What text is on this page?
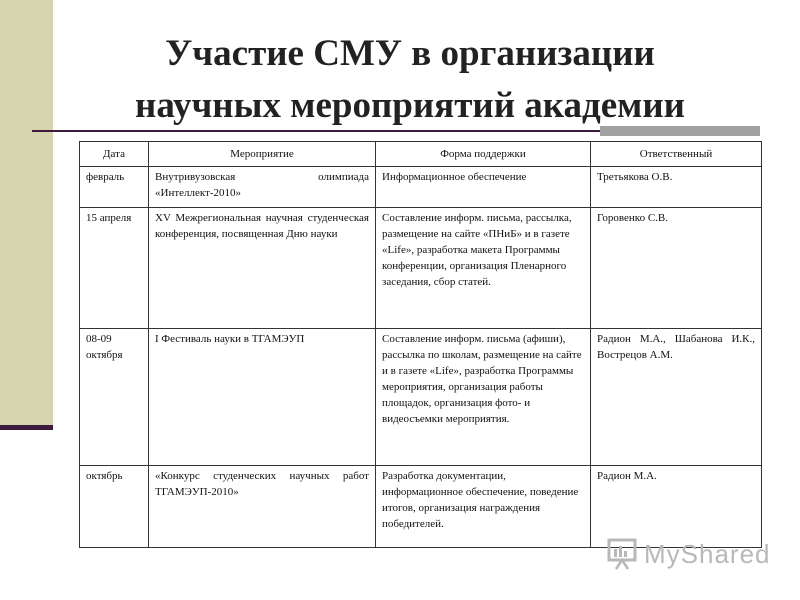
Участие СМУ в организации
научных мероприятий академии
Дата	Мероприятие	Форма поддержки	Ответственный
февраль	Внутривузовская олимпиада «Интеллект-2010»	Информационное обеспечение	Третьякова О.В.
15 апреля	XV Межрегиональная научная студенческая конференция, посвященная Дню науки	Составление информ. письма, рассылка, размещение на сайте «ПНиБ» и в газете «Life», разработка макета Программы конференции, организация Пленарного заседания, сбор статей.	Горовенко С.В.
08-09 октября	I Фестиваль науки в ТГАМЭУП	Составление информ. письма (афиши), рассылка по школам, размещение на сайте и в газете «Life», разработка Программы мероприятия, организация работы площадок, организация фото- и видеосъемки мероприятия.	Радион М.А., Шабанова И.К., Вострецов А.М.
октябрь	«Конкурс студенческих научных работ ТГАМЭУП-2010»	Разработка документации, информационное обеспечение, поведение итогов, организация награждения победителей.	Радион М.А.
MyShared
